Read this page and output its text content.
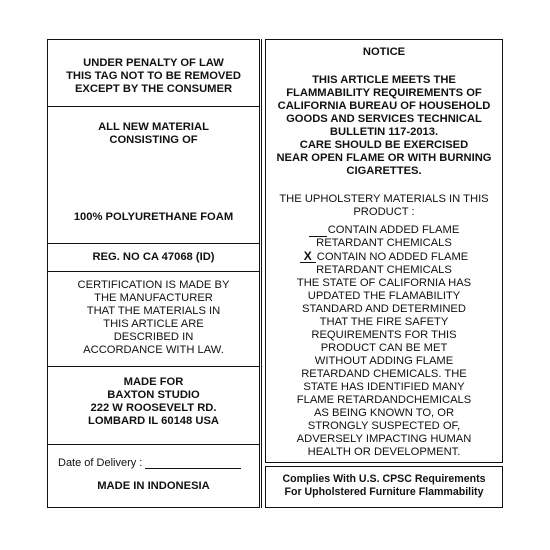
UNDER PENALTY OF LAW
THIS TAG NOT TO BE REMOVED
EXCEPT BY THE CONSUMER
ALL NEW MATERIAL
CONSISTING OF
100% POLYURETHANE FOAM
REG. NO CA 47068 (ID)
CERTIFICATION IS MADE BY
THE MANUFACTURER
THAT THE MATERIALS IN
THIS ARTICLE ARE
DESCRIBED IN
ACCORDANCE WITH LAW.
MADE FOR
BAXTON STUDIO
222 W ROOSEVELT RD.
LOMBARD IL 60148 USA
Date of Delivery :
MADE IN INDONESIA
NOTICE
THIS ARTICLE MEETS THE
FLAMMABILITY REQUIREMENTS OF
CALIFORNIA BUREAU OF HOUSEHOLD
GOODS AND SERVICES TECHNICAL
BULLETIN 117-2013.
CARE SHOULD BE EXERCISED
NEAR OPEN FLAME OR WITH BURNING
CIGARETTES.
THE UPHOLSTERY MATERIALS IN THIS
PRODUCT :
CONTAIN ADDED FLAME
RETARDANT CHEMICALS
X CONTAIN NO ADDED FLAME
RETARDANT CHEMICALS
THE STATE OF CALIFORNIA HAS
UPDATED THE FLAMABILITY
STANDARD AND DETERMINED
THAT THE FIRE SAFETY
REQUIREMENTS FOR THIS
PRODUCT CAN BE MET
WITHOUT ADDING FLAME
RETARDAND CHEMICALS. THE
STATE HAS IDENTIFIED MANY
FLAME RETARDANDCHEMICALS
AS BEING KNOWN TO, OR
STRONGLY SUSPECTED OF,
ADVERSELY IMPACTING HUMAN
HEALTH OR DEVELOPMENT.
Complies With U.S. CPSC Requirements
For Upholstered Furniture Flammability
